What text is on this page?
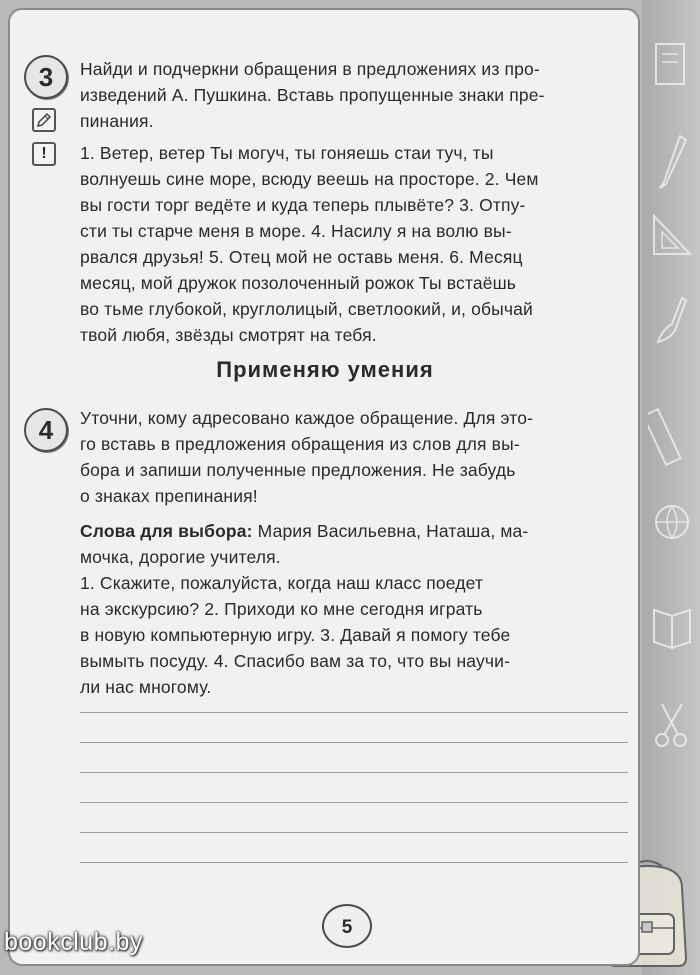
3
!
Найди и подчеркни обращения в предложениях из про-
изведений А. Пушкина. Вставь пропущенные знаки пре-
пинания.
1. Ветер, ветер Ты могуч, ты гоняешь стаи туч, ты
волнуешь сине море, всюду веешь на просторе. 2. Чем
вы гости торг ведёте и куда теперь плывёте? 3. Отпу-
сти ты старче меня в море. 4. Насилу я на волю вы-
рвался друзья! 5. Отец мой не оставь меня. 6. Месяц
месяц, мой дружок позолоченный рожок Ты встаёшь
во тьме глубокой, круглолицый, светлоокий, и, обычай
твой любя, звёзды смотрят на тебя.
Применяю умения
4	Уточни, кому адресовано каждое обращение. Для это-
го вставь в предложения обращения из слов для вы-
бора и запиши полученные предложения. Не забудь
о знаках препинания!
Слова для выбора: Мария Васильевна, Наташа, ма-
мочка, дорогие учителя.
1. Скажите, пожалуйста, когда наш класс поедет
на экскурсию? 2. Приходи ко мне сегодня играть
в новую компьютерную игру. 3. Давай я помогу тебе
вымыть посуду. 4. Спасибо вам за то, что вы научи-
ли нас многому.
5
bookclub.by
